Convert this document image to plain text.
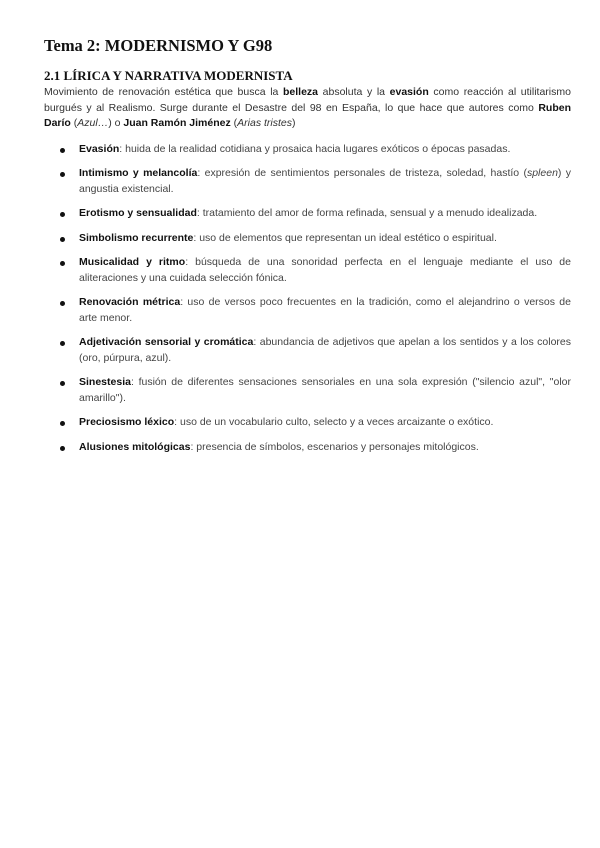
Tema 2: MODERNISMO Y G98
2.1 LÍRICA Y NARRATIVA MODERNISTA

Movimiento de renovación estética que busca la belleza absoluta y la evasión como reacción al utilitarismo burgués y al Realismo. Surge durante el Desastre del 98 en España, lo que hace que autores como Ruben Darío (Azul…) o Juan Ramón Jiménez (Arias tristes)

Evasión: huida de la realidad cotidiana y prosaica hacia lugares exóticos o épocas pasadas.
Intimismo y melancolía: expresión de sentimientos personales de tristeza, soledad, hastío (spleen) y angustia existencial.
Erotismo y sensualidad: tratamiento del amor de forma refinada, sensual y a menudo idealizada.
Simbolismo recurrente: uso de elementos que representan un ideal estético o espiritual.
Musicalidad y ritmo: búsqueda de una sonoridad perfecta en el lenguaje mediante el uso de aliteraciones y una cuidada selección fónica.
Renovación métrica: uso de versos poco frecuentes en la tradición, como el alejandrino o versos de arte menor.
Adjetivación sensorial y cromática: abundancia de adjetivos que apelan a los sentidos y a los colores (oro, púrpura, azul).
Sinestesia: fusión de diferentes sensaciones sensoriales en una sola expresión ("silencio azul", "olor amarillo").
Preciosismo léxico: uso de un vocabulario culto, selecto y a veces arcaizante o exótico.
Alusiones mitológicas: presencia de símbolos, escenarios y personajes mitológicos.
